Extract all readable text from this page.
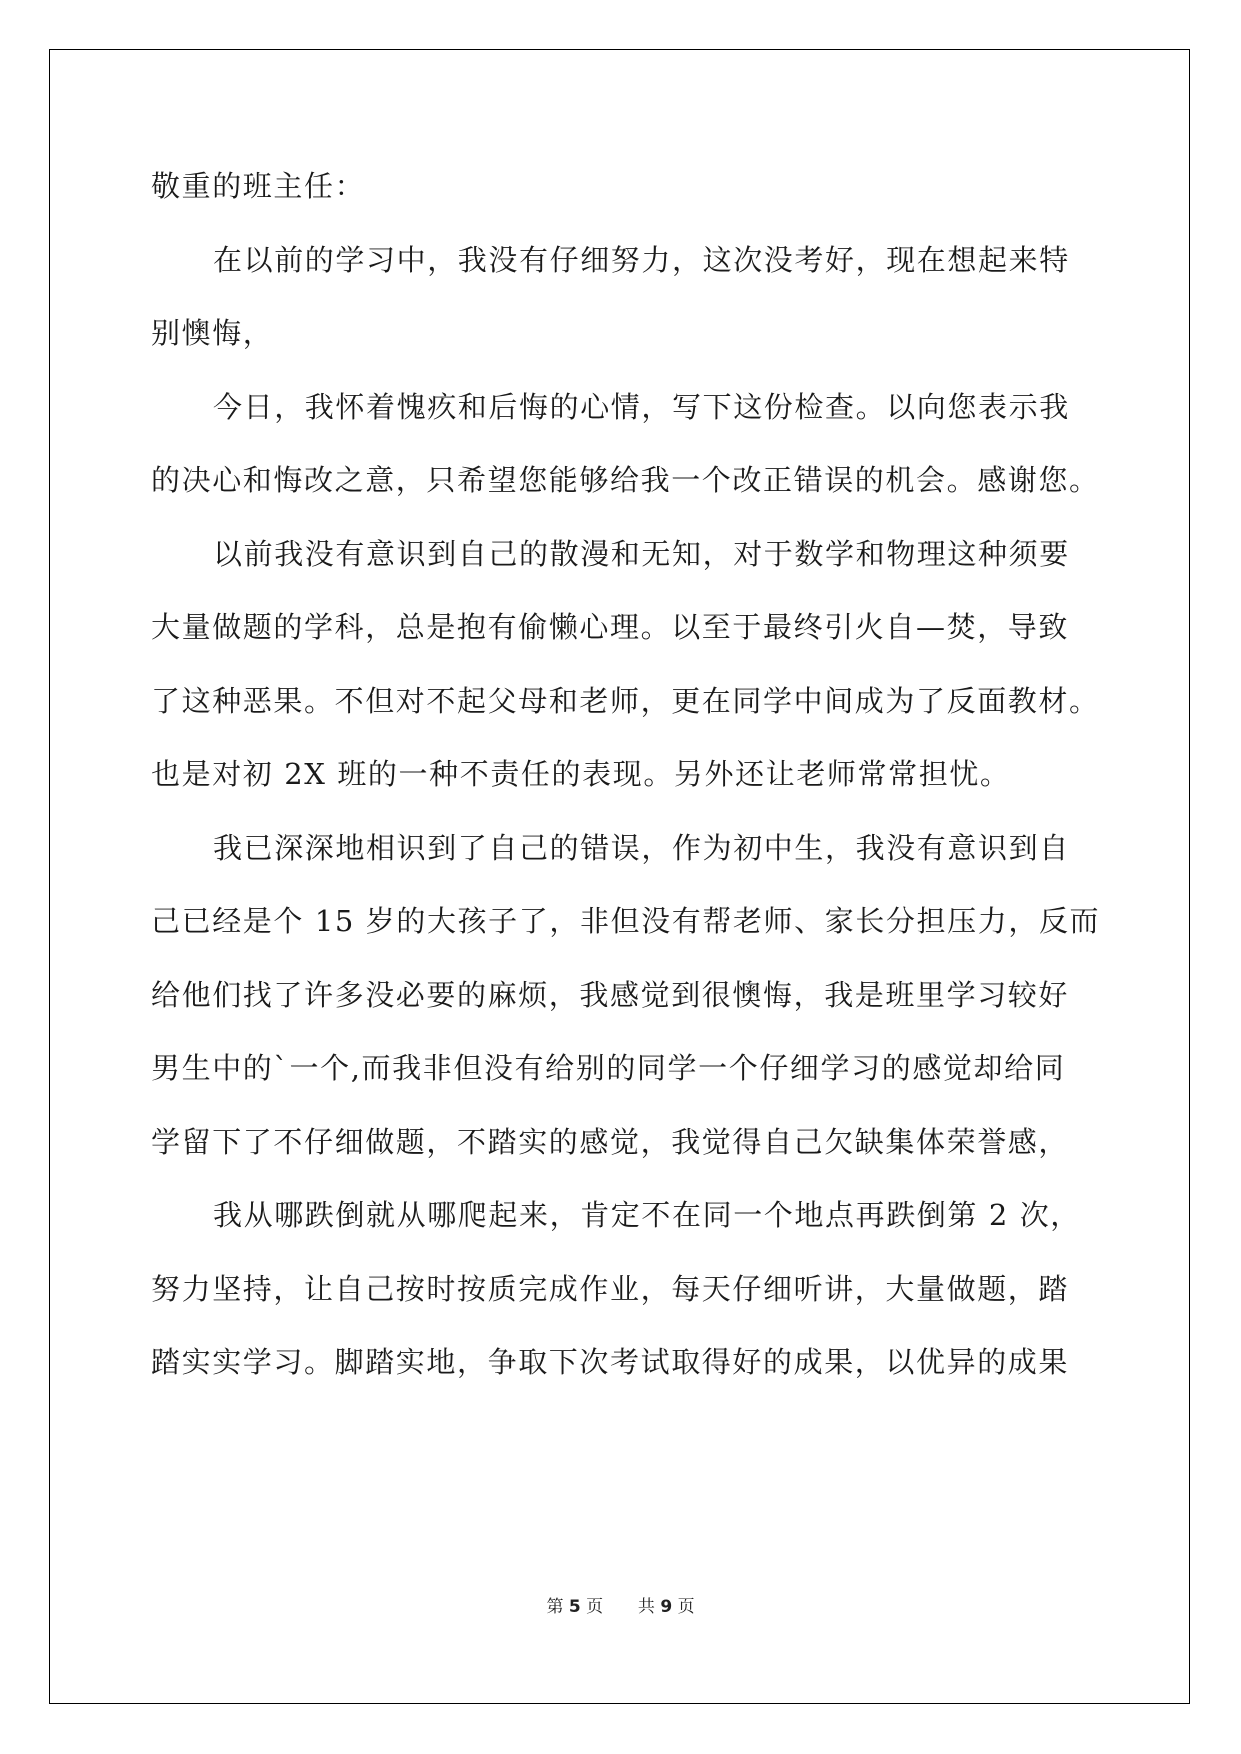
敬重的班主任：
在以前的学习中，我没有仔细努力，这次没考好，现在想起来特
别懊悔，
今日，我怀着愧疚和后悔的心情，写下这份检查。以向您表示我
的决心和悔改之意，只希望您能够给我一个改正错误的机会。感谢您。
以前我没有意识到自己的散漫和无知，对于数学和物理这种须要
大量做题的学科，总是抱有偷懒心理。以至于最终引火自—焚，导致
了这种恶果。不但对不起父母和老师，更在同学中间成为了反面教材。
也是对初 2X 班的一种不责任的表现。另外还让老师常常担忧。
我已深深地相识到了自己的错误，作为初中生，我没有意识到自
己已经是个 15 岁的大孩子了，非但没有帮老师、家长分担压力，反而
给他们找了许多没必要的麻烦，我感觉到很懊悔，我是班里学习较好
男生中的`一个,而我非但没有给别的同学一个仔细学习的感觉却给同
学留下了不仔细做题，不踏实的感觉，我觉得自己欠缺集体荣誉感，
我从哪跌倒就从哪爬起来，肯定不在同一个地点再跌倒第 2 次，
努力坚持，让自己按时按质完成作业，每天仔细听讲，大量做题，踏
踏实实学习。脚踏实地，争取下次考试取得好的成果，以优异的成果
第 5 页 共 9 页
